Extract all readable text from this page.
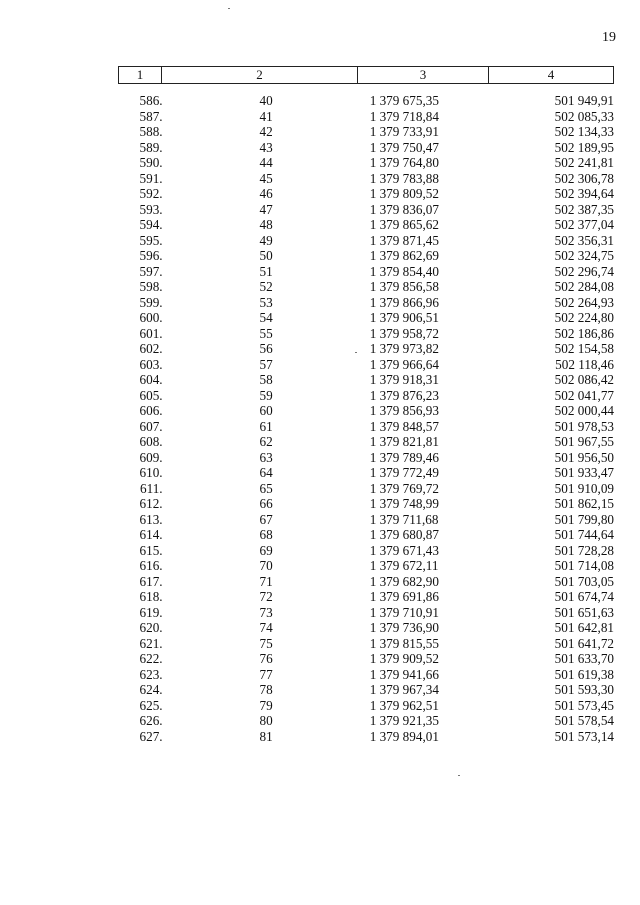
19
1	2	3	4
586.	40	1 379 675,35	501 949,91
587.	41	1 379 718,84	502 085,33
588.	42	1 379 733,91	502 134,33
589.	43	1 379 750,47	502 189,95
590.	44	1 379 764,80	502 241,81
591.	45	1 379 783,88	502 306,78
592.	46	1 379 809,52	502 394,64
593.	47	1 379 836,07	502 387,35
594.	48	1 379 865,62	502 377,04
595.	49	1 379 871,45	502 356,31
596.	50	1 379 862,69	502 324,75
597.	51	1 379 854,40	502 296,74
598.	52	1 379 856,58	502 284,08
599.	53	1 379 866,96	502 264,93
600.	54	1 379 906,51	502 224,80
601.	55	1 379 958,72	502 186,86
602.	56	1 379 973,82	502 154,58
603.	57	1 379 966,64	502 118,46
604.	58	1 379 918,31	502 086,42
605.	59	1 379 876,23	502 041,77
606.	60	1 379 856,93	502 000,44
607.	61	1 379 848,57	501 978,53
608.	62	1 379 821,81	501 967,55
609.	63	1 379 789,46	501 956,50
610.	64	1 379 772,49	501 933,47
611.	65	1 379 769,72	501 910,09
612.	66	1 379 748,99	501 862,15
613.	67	1 379 711,68	501 799,80
614.	68	1 379 680,87	501 744,64
615.	69	1 379 671,43	501 728,28
616.	70	1 379 672,11	501 714,08
617.	71	1 379 682,90	501 703,05
618.	72	1 379 691,86	501 674,74
619.	73	1 379 710,91	501 651,63
620.	74	1 379 736,90	501 642,81
621.	75	1 379 815,55	501 641,72
622.	76	1 379 909,52	501 633,70
623.	77	1 379 941,66	501 619,38
624.	78	1 379 967,34	501 593,30
625.	79	1 379 962,51	501 573,45
626.	80	1 379 921,35	501 578,54
627.	81	1 379 894,01	501 573,14
